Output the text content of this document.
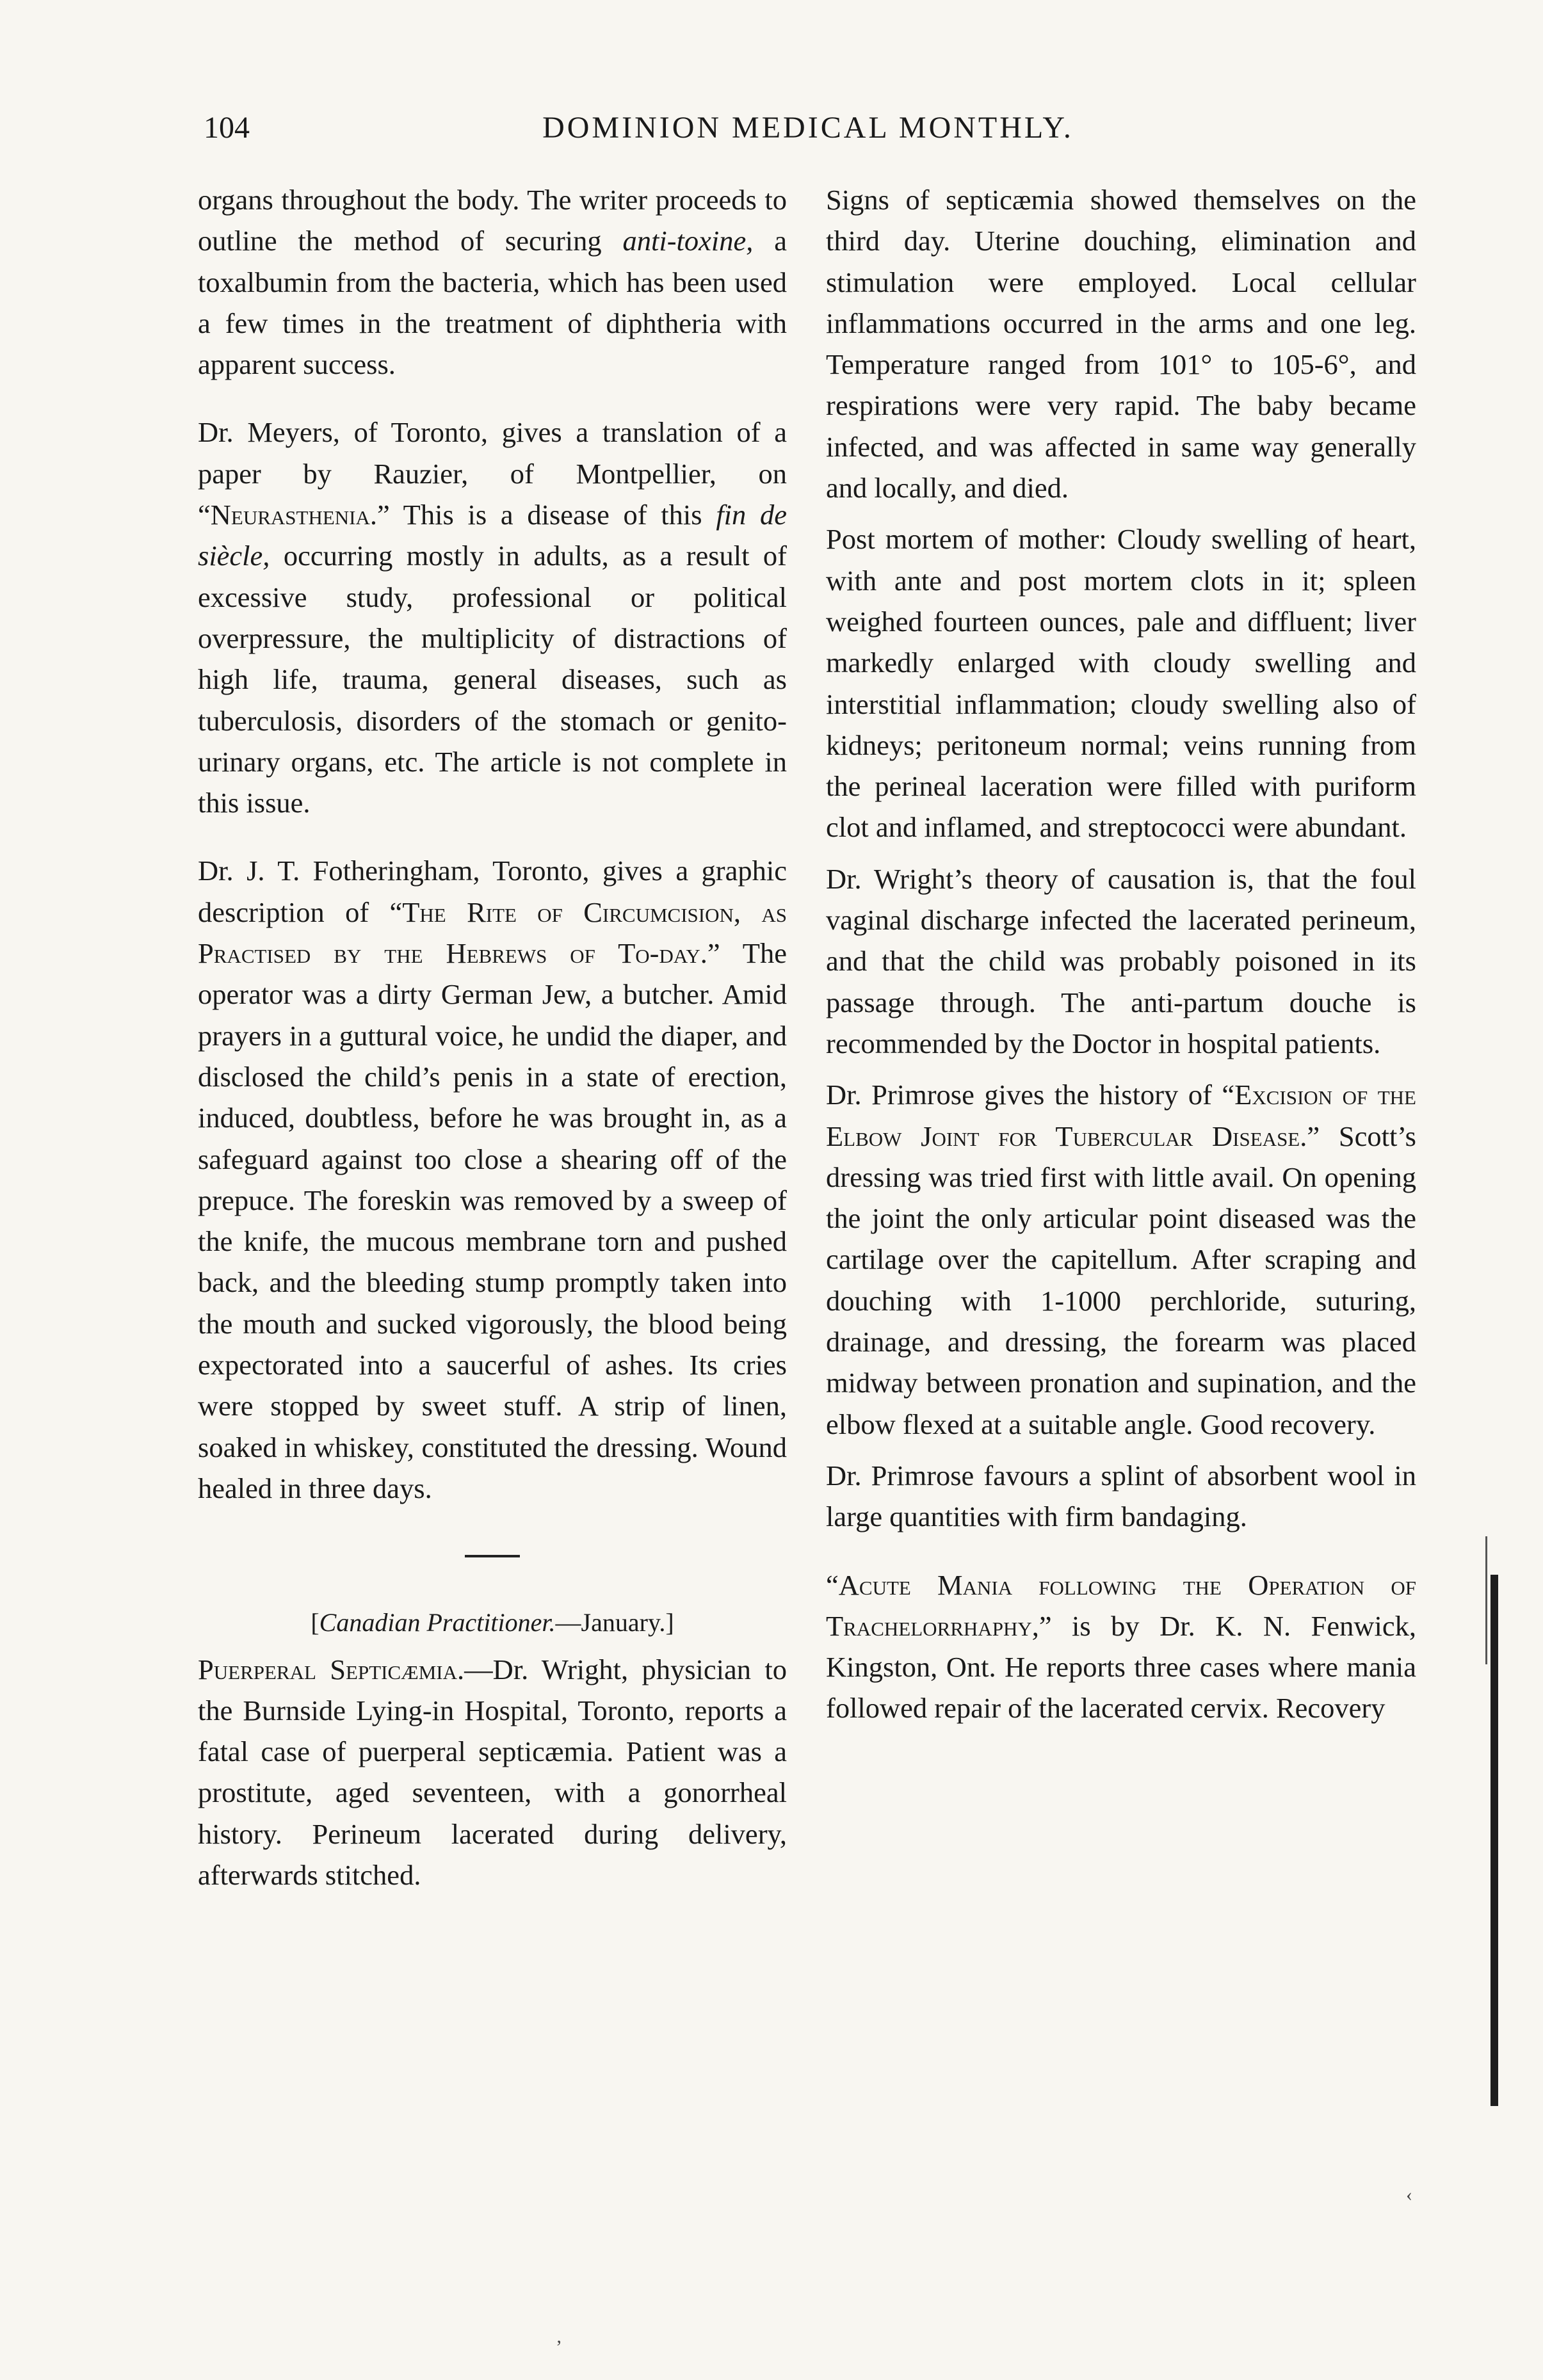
104	DOMINION MEDICAL MONTHLY.

organs throughout the body. The writer proceeds to outline the method of securing anti-toxine, a toxalbumin from the bacteria, which has been used a few times in the treatment of diphtheria with apparent success.

Dr. Meyers, of Toronto, gives a translation of a paper by Rauzier, of Montpellier, on “Neurasthenia.” This is a disease of this fin de siècle, occurring mostly in adults, as a result of excessive study, professional or political overpressure, the multiplicity of distractions of high life, trauma, general diseases, such as tuberculosis, disorders of the stomach or genito-urinary organs, etc. The article is not complete in this issue.

Dr. J. T. Fotheringham, Toronto, gives a graphic description of “The Rite of Circumcision, as Practised by the Hebrews of To-day.” The operator was a dirty German Jew, a butcher. Amid prayers in a guttural voice, he undid the diaper, and disclosed the child’s penis in a state of erection, induced, doubtless, before he was brought in, as a safeguard against too close a shearing off of the prepuce. The foreskin was removed by a sweep of the knife, the mucous membrane torn and pushed back, and the bleeding stump promptly taken into the mouth and sucked vigorously, the blood being expectorated into a saucerful of ashes. Its cries were stopped by sweet stuff. A strip of linen, soaked in whiskey, constituted the dressing. Wound healed in three days.

[Canadian Practitioner.—January.]

Puerperal Septicæmia.—Dr. Wright, physician to the Burnside Lying-in Hospital, Toronto, reports a fatal case of puerperal septicæmia. Patient was a prostitute, aged seventeen, with a gonorrheal history. Perineum lacerated during delivery, afterwards stitched.

Signs of septicæmia showed themselves on the third day. Uterine douching, elimination and stimulation were employed. Local cellular inflammations occurred in the arms and one leg. Temperature ranged from 101° to 105-6°, and respirations were very rapid. The baby became infected, and was affected in same way generally and locally, and died.

Post mortem of mother: Cloudy swelling of heart, with ante and post mortem clots in it; spleen weighed fourteen ounces, pale and diffluent; liver markedly enlarged with cloudy swelling and interstitial inflammation; cloudy swelling also of kidneys; peritoneum normal; veins running from the perineal laceration were filled with puriform clot and inflamed, and streptococci were abundant.

Dr. Wright’s theory of causation is, that the foul vaginal discharge infected the lacerated perineum, and that the child was probably poisoned in its passage through. The anti-partum douche is recommended by the Doctor in hospital patients.

Dr. Primrose gives the history of “Excision of the Elbow Joint for Tubercular Disease.” Scott’s dressing was tried first with little avail. On opening the joint the only articular point diseased was the cartilage over the capitellum. After scraping and douching with 1-1000 perchloride, suturing, drainage, and dressing, the forearm was placed midway between pronation and supination, and the elbow flexed at a suitable angle. Good recovery.

Dr. Primrose favours a splint of absorbent wool in large quantities with firm bandaging.

“Acute Mania following the Operation of Trachelorrhaphy,” is by Dr. K. N. Fenwick, Kingston, Ont. He reports three cases where mania followed repair of the lacerated cervix. Recovery

‹
’
